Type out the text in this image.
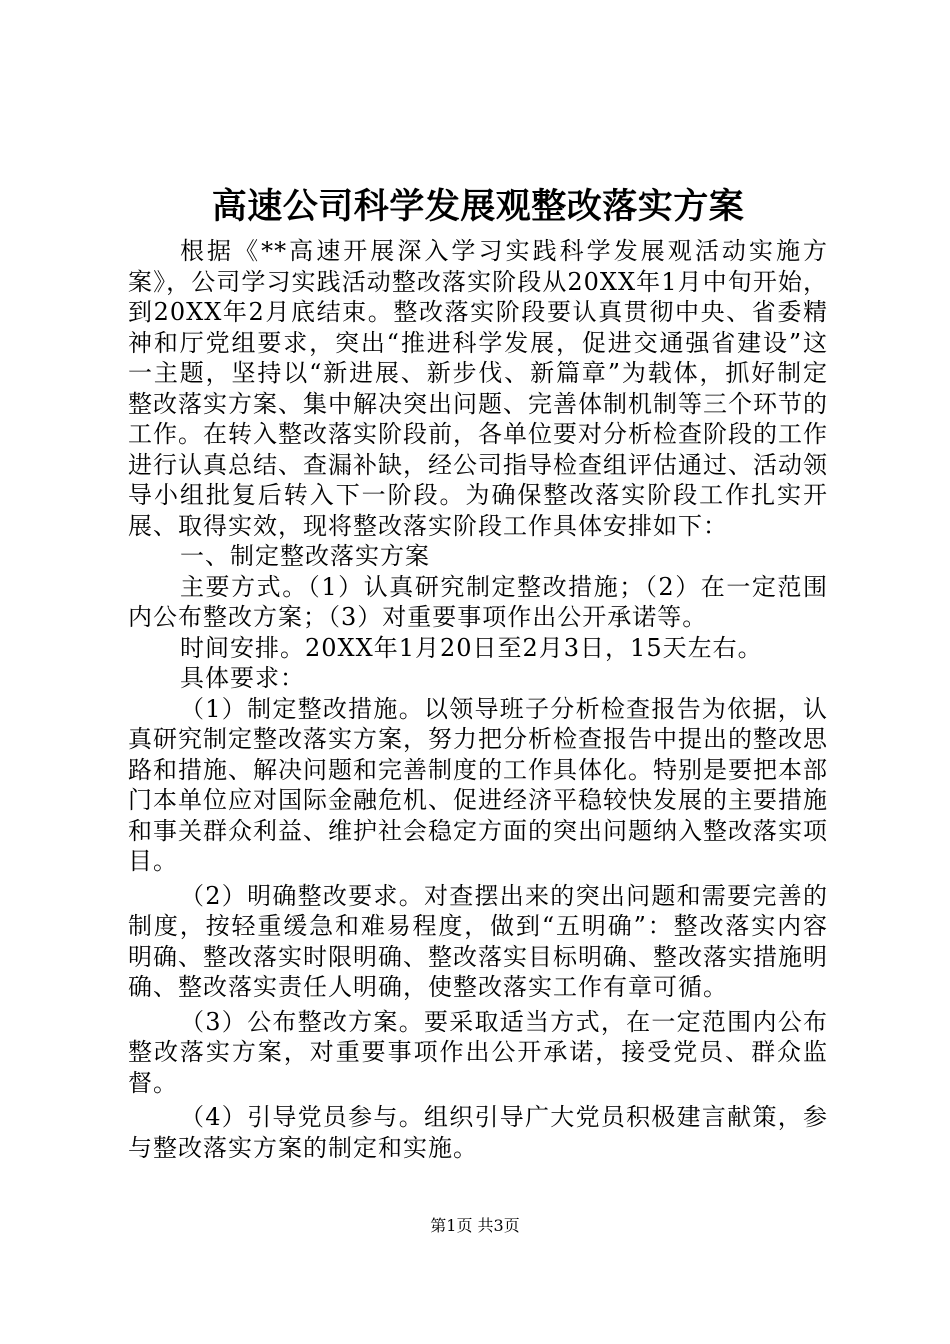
高速公司科学发展观整改落实方案

根据《**高速开展深入学习实践科学发展观活动实施方案》，公司学习实践活动整改落实阶段从20XX年1月中旬开始，到20XX年2月底结束。整改落实阶段要认真贯彻中央、省委精神和厅党组要求，突出“推进科学发展，促进交通强省建设”这一主题，坚持以“新进展、新步伐、新篇章”为载体，抓好制定整改落实方案、集中解决突出问题、完善体制机制等三个环节的工作。在转入整改落实阶段前，各单位要对分析检查阶段的工作进行认真总结、查漏补缺，经公司指导检查组评估通过、活动领导小组批复后转入下一阶段。为确保整改落实阶段工作扎实开展、取得实效，现将整改落实阶段工作具体安排如下：

一、制定整改落实方案

主要方式。（1）认真研究制定整改措施；（2）在一定范围内公布整改方案；（3）对重要事项作出公开承诺等。

时间安排。20XX年1月20日至2月3日，15天左右。

具体要求：

（1）制定整改措施。以领导班子分析检查报告为依据，认真研究制定整改落实方案，努力把分析检查报告中提出的整改思路和措施、解决问题和完善制度的工作具体化。特别是要把本部门本单位应对国际金融危机、促进经济平稳较快发展的主要措施和事关群众利益、维护社会稳定方面的突出问题纳入整改落实项目。

（2）明确整改要求。对查摆出来的突出问题和需要完善的制度，按轻重缓急和难易程度，做到“五明确”：整改落实内容明确、整改落实时限明确、整改落实目标明确、整改落实措施明确、整改落实责任人明确，使整改落实工作有章可循。

（3）公布整改方案。要采取适当方式，在一定范围内公布整改落实方案，对重要事项作出公开承诺，接受党员、群众监督。

（4）引导党员参与。组织引导广大党员积极建言献策，参与整改落实方案的制定和实施。

第1页 共3页
